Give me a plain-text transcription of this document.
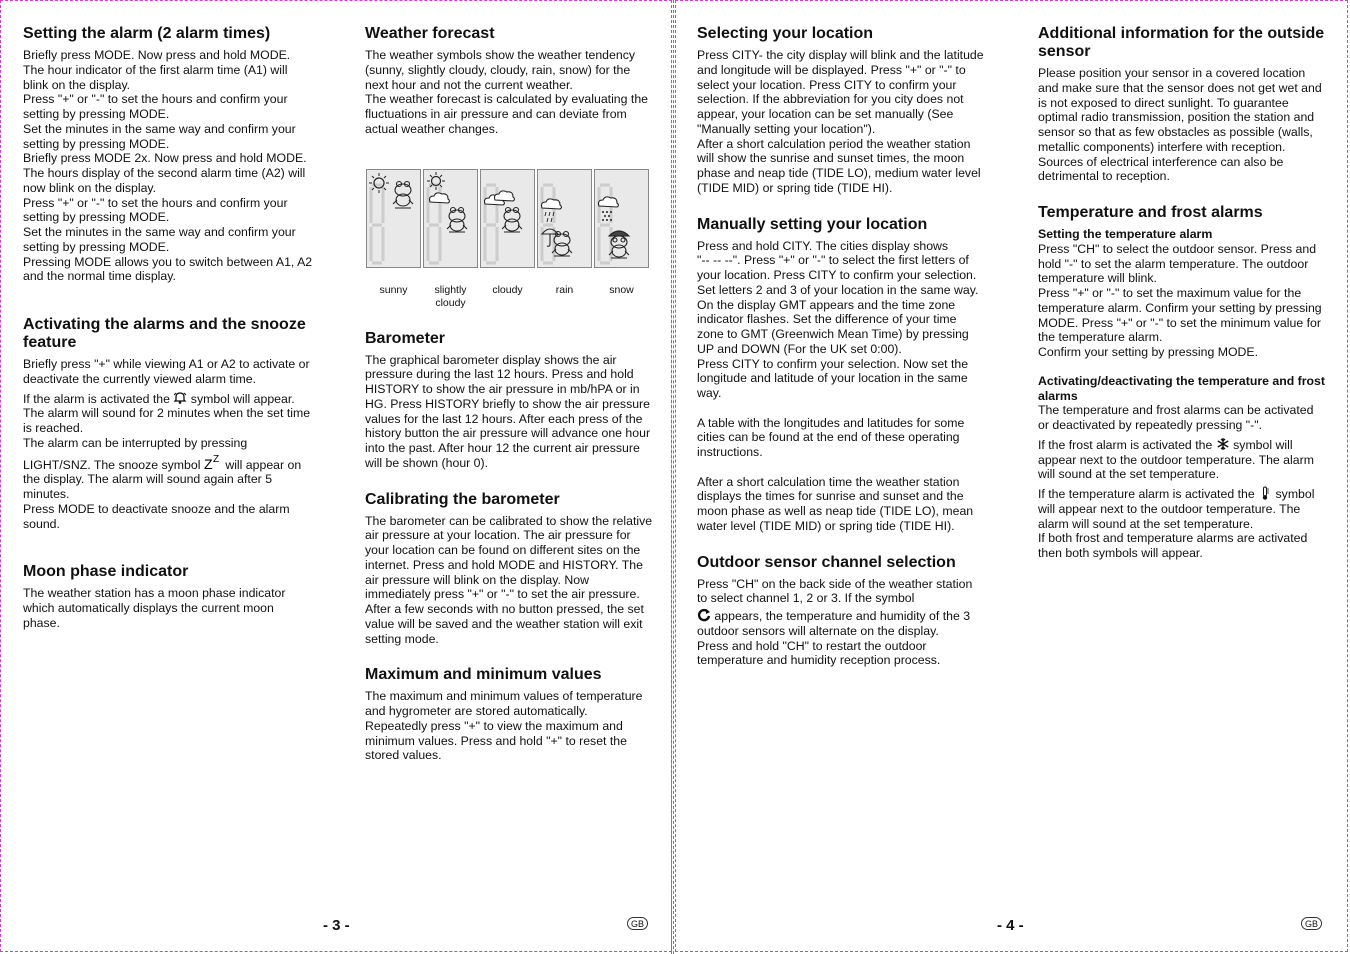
Setting the alarm (2 alarm times)

Briefly press MODE. Now press and hold MODE.
The hour indicator of the first alarm time (A1) will blink on the display.
Press "+" or "-" to set the hours and confirm your setting by pressing MODE.
Set the minutes in the same way and confirm your setting by pressing MODE.
Briefly press MODE 2x. Now press and hold MODE.
The hours display of the second alarm time (A2) will now blink on the display.
Press "+" or "-" to set the hours and confirm your setting by pressing MODE.
Set the minutes in the same way and confirm your setting by pressing MODE.
Pressing MODE allows you to switch between A1, A2 and the normal time display.

Activating the alarms and the snooze feature

Briefly press "+" while viewing A1 or A2 to activate or deactivate the currently viewed alarm time.

If the alarm is activated the symbol will appear. The alarm will sound for 2 minutes when the set time is reached.
The alarm can be interrupted by pressing

LIGHT/SNZ. The snooze symbol Z Z will appear on the display. The alarm will sound again after 5 minutes.
Press MODE to deactivate snooze and the alarm sound.

Moon phase indicator

The weather station has a moon phase indicator which automatically displays the current moon phase.

Weather forecast

The weather symbols show the weather tendency (sunny, slightly cloudy, cloudy, rain, snow) for the next hour and not the current weather.
The weather forecast is calculated by evaluating the fluctuations in air pressure and can deviate from actual weather changes.

sunny	slightly
cloudy
cloudy	rain	snow
Barometer

The graphical barometer display shows the air pressure during the last 12 hours. Press and hold HISTORY to show the air pressure in mb/hPA or in HG. Press HISTORY briefly to show the air pressure values for the last 12 hours. After each press of the history button the air pressure will advance one hour into the past. After hour 12 the current air pressure will be shown (hour 0).

Calibrating the barometer

The barometer can be calibrated to show the relative air pressure at your location. The air pressure for your location can be found on different sites on the internet. Press and hold MODE and HISTORY. The air pressure will blink on the display. Now immediately press "+" or "-" to set the air pressure. After a few seconds with no button pressed, the set value will be saved and the weather station will exit setting mode.

Maximum and minimum values

The maximum and minimum values of temperature and hygrometer are stored automatically.
Repeatedly press "+" to view the maximum and minimum values. Press and hold "+" to reset the stored values.

- 3 -	GB
Selecting your location

Press CITY- the city display will blink and the latitude and longitude will be displayed. Press "+" or "-" to select your location. Press CITY to confirm your selection. If the abbreviation for you city does not appear, your location can be set manually (See "Manually setting your location").
After a short calculation period the weather station will show the sunrise and sunset times, the moon phase and neap tide (TIDE LO), medium water level (TIDE MID) or spring tide (TIDE HI).

Manually setting your location

Press and hold CITY. The cities display shows
"-- -- --". Press "+" or "-" to select the first letters of your location. Press CITY to confirm your selection. Set letters 2 and 3 of your location in the same way.
On the display GMT appears and the time zone indicator flashes. Set the difference of your time zone to GMT (Greenwich Mean Time) by pressing UP and DOWN (For the UK set 0:00).
Press CITY to confirm your selection. Now set the longitude and latitude of your location in the same way.

A table with the longitudes and latitudes for some cities can be found at the end of these operating instructions.

After a short calculation time the weather station displays the times for sunrise and sunset and the moon phase as well as neap tide (TIDE LO), mean water level (TIDE MID) or spring tide (TIDE HI).

Outdoor sensor channel selection

Press "CH" on the back side of the weather station to select channel 1, 2 or 3. If the symbol

appears, the temperature and humidity of the 3 outdoor sensors will alternate on the display.
Press and hold "CH" to restart the outdoor temperature and humidity reception process.

Additional information for the outside sensor

Please position your sensor in a covered location and make sure that the sensor does not get wet and is not exposed to direct sunlight. To guarantee optimal radio transmission, position the station and sensor so that as few obstacles as possible (walls, metallic components) interfere with reception.
Sources of electrical interference can also be detrimental to reception.

Temperature and frost alarms
Setting the temperature alarm

Press "CH" to select the outdoor sensor. Press and hold "-" to set the alarm temperature. The outdoor temperature will blink.
Press "+" or "-" to set the maximum value for the temperature alarm. Confirm your setting by pressing MODE. Press "+" or "-" to set the minimum value for the temperature alarm.
Confirm your setting by pressing MODE.

Activating/deactivating the temperature and frost alarms

The temperature and frost alarms can be activated or deactivated by repeatedly pressing "-".

If the frost alarm is activated the symbol will appear next to the outdoor temperature. The alarm will sound at the set temperature.

If the temperature alarm is activated the symbol will appear next to the outdoor temperature. The alarm will sound at the set temperature.
If both frost and temperature alarms are activated then both symbols will appear.

- 4 -	GB
